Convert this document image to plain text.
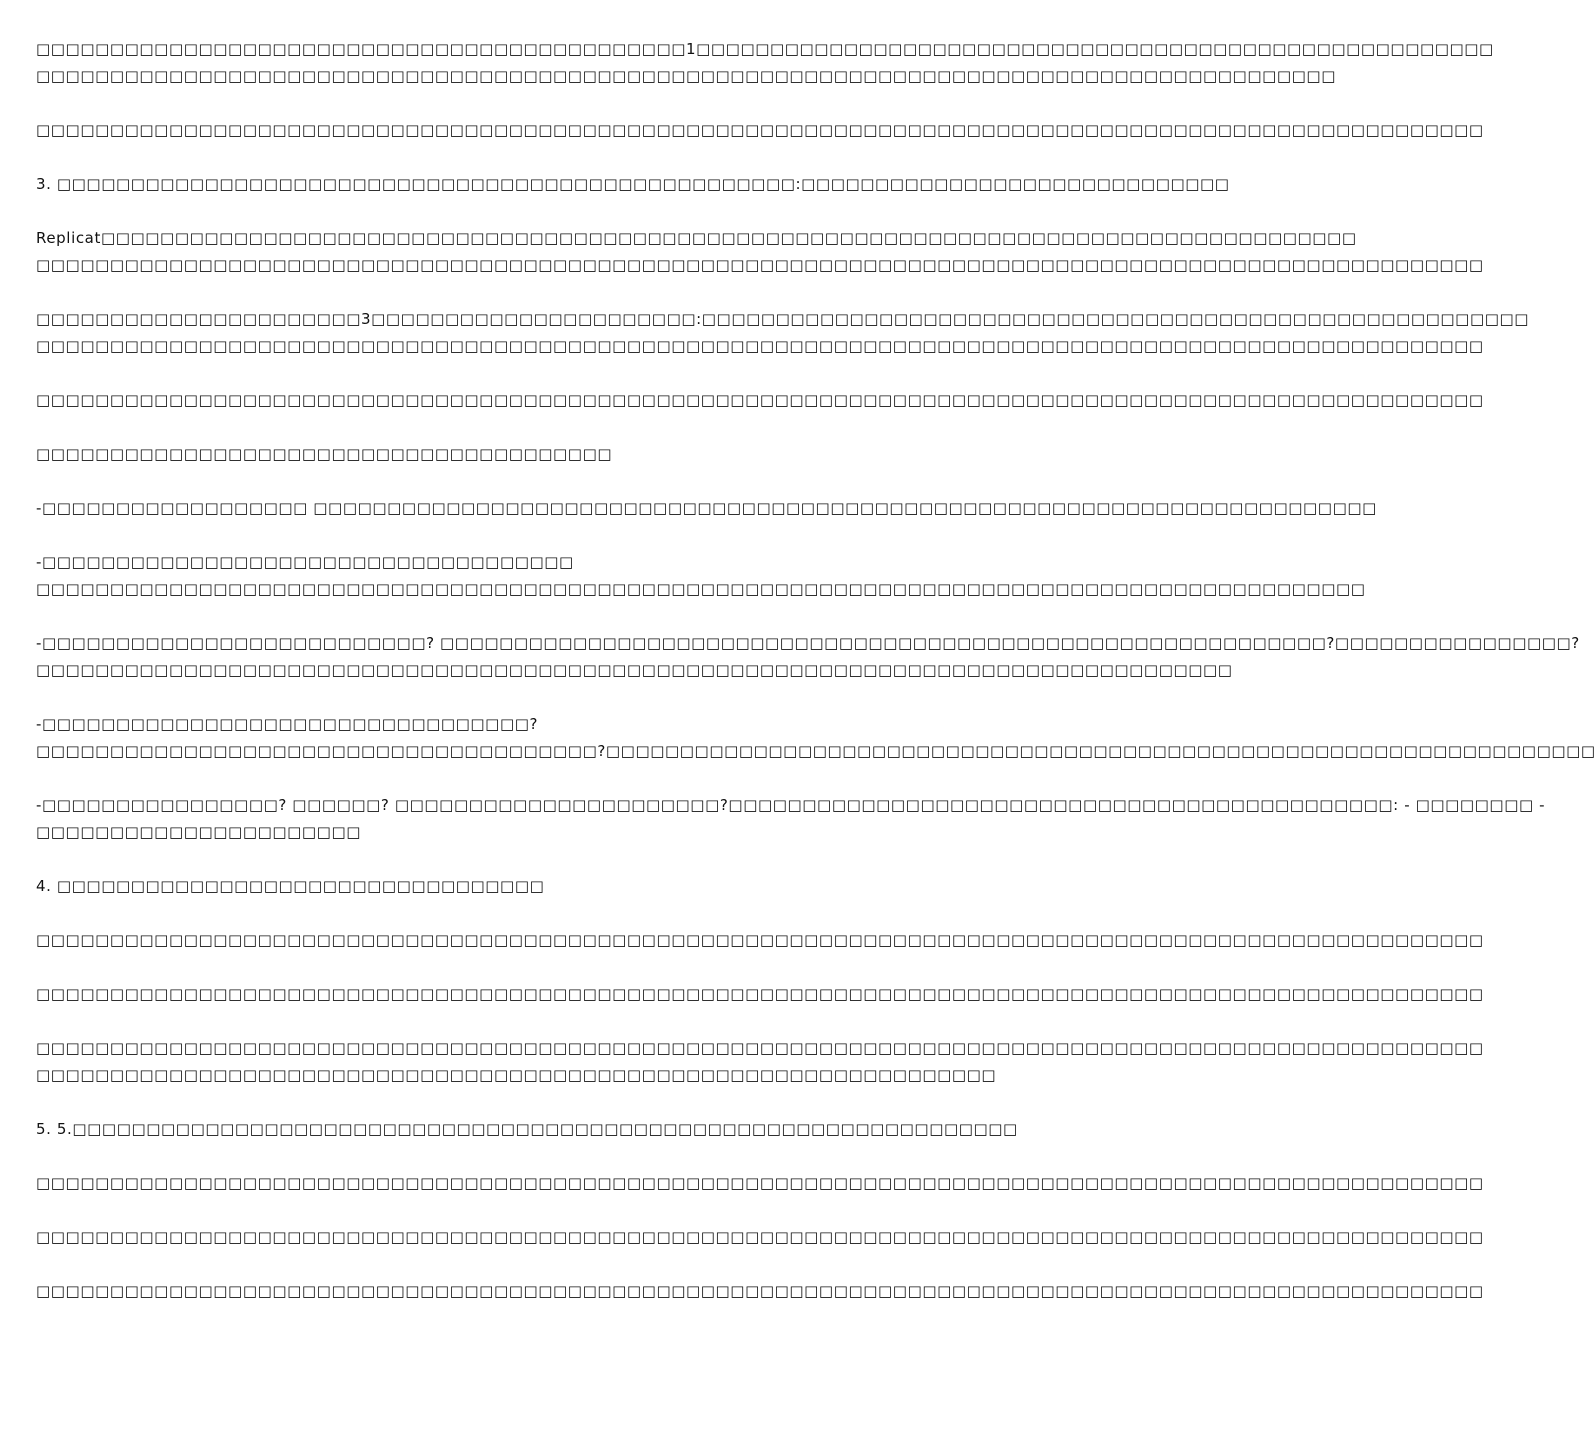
□□□□□□□□□□□□□□□□□□□□□□□□□□□□□□□□□□□□□□□□□□□□1□□□□□□□□□□□□□□□□□□□□□□□□□□□□□□□□□□□□□□□□□□□□□□□□□□□□□□
□□□□□□□□□□□□□□□□□□□□□□□□□□□□□□□□□□□□□□□□□□□□□□□□□□□□□□□□□□□□□□□□□□□□□□□□□□□□□□□□□□□□□□□□

□□□□□□□□□□□□□□□□□□□□□□□□□□□□□□□□□□□□□□□□□□□□□□□□□□□□□□□□□□□□□□□□□□□□□□□□□□□□□□□□□□□□□□□□□□□□□□□□□□

3. □□□□□□□□□□□□□□□□□□□□□□□□□□□□□□□□□□□□□□□□□□□□□□□□□□:□□□□□□□□□□□□□□□□□□□□□□□□□□□□□

Replicat□□□□□□□□□□□□□□□□□□□□□□□□□□□□□□□□□□□□□□□□□□□□□□□□□□□□□□□□□□□□□□□□□□□□□□□□□□□□□□□□□□□□□
□□□□□□□□□□□□□□□□□□□□□□□□□□□□□□□□□□□□□□□□□□□□□□□□□□□□□□□□□□□□□□□□□□□□□□□□□□□□□□□□□□□□□□□□□□□□□□□□□□

□□□□□□□□□□□□□□□□□□□□□□3□□□□□□□□□□□□□□□□□□□□□□:□□□□□□□□□□□□□□□□□□□□□□□□□□□□□□□□□□□□□□□□□□□□□□□□□□□□□□□□
□□□□□□□□□□□□□□□□□□□□□□□□□□□□□□□□□□□□□□□□□□□□□□□□□□□□□□□□□□□□□□□□□□□□□□□□□□□□□□□□□□□□□□□□□□□□□□□□□□

□□□□□□□□□□□□□□□□□□□□□□□□□□□□□□□□□□□□□□□□□□□□□□□□□□□□□□□□□□□□□□□□□□□□□□□□□□□□□□□□□□□□□□□□□□□□□□□□□□

□□□□□□□□□□□□□□□□□□□□□□□□□□□□□□□□□□□□□□□

-□□□□□□□□□□□□□□□□□□ □□□□□□□□□□□□□□□□□□□□□□□□□□□□□□□□□□□□□□□□□□□□□□□□□□□□□□□□□□□□□□□□□□□□□□□□

-□□□□□□□□□□□□□□□□□□□□□□□□□□□□□□□□□□□□
□□□□□□□□□□□□□□□□□□□□□□□□□□□□□□□□□□□□□□□□□□□□□□□□□□□□□□□□□□□□□□□□□□□□□□□□□□□□□□□□□□□□□□□□□□

-□□□□□□□□□□□□□□□□□□□□□□□□□□? □□□□□□□□□□□□□□□□□□□□□□□□□□□□□□□□□□□□□□□□□□□□□□□□□□□□□□□□□□□□?□□□□□□□□□□□□□□□□?
□□□□□□□□□□□□□□□□□□□□□□□□□□□□□□□□□□□□□□□□□□□□□□□□□□□□□□□□□□□□□□□□□□□□□□□□□□□□□□□□□

-□□□□□□□□□□□□□□□□□□□□□□□□□□□□□□□□□?
□□□□□□□□□□□□□□□□□□□□□□□□□□□□□□□□□□□□□□?□□□□□□□□□□□□□□□□□□□□□□□□□□□□□□□□□□□□□□□□□□□□□□□□□□□□□□□□□□□□□□□□□□□

-□□□□□□□□□□□□□□□□? □□□□□□? □□□□□□□□□□□□□□□□□□□□□□?□□□□□□□□□□□□□□□□□□□□□□□□□□□□□□□□□□□□□□□□□□□□□: - □□□□□□□□ -
□□□□□□□□□□□□□□□□□□□□□□

4. □□□□□□□□□□□□□□□□□□□□□□□□□□□□□□□□□

□□□□□□□□□□□□□□□□□□□□□□□□□□□□□□□□□□□□□□□□□□□□□□□□□□□□□□□□□□□□□□□□□□□□□□□□□□□□□□□□□□□□□□□□□□□□□□□□□□

□□□□□□□□□□□□□□□□□□□□□□□□□□□□□□□□□□□□□□□□□□□□□□□□□□□□□□□□□□□□□□□□□□□□□□□□□□□□□□□□□□□□□□□□□□□□□□□□□□

□□□□□□□□□□□□□□□□□□□□□□□□□□□□□□□□□□□□□□□□□□□□□□□□□□□□□□□□□□□□□□□□□□□□□□□□□□□□□□□□□□□□□□□□□□□□□□□□□□
□□□□□□□□□□□□□□□□□□□□□□□□□□□□□□□□□□□□□□□□□□□□□□□□□□□□□□□□□□□□□□□□□

5. 5.□□□□□□□□□□□□□□□□□□□□□□□□□□□□□□□□□□□□□□□□□□□□□□□□□□□□□□□□□□□□□□□□

□□□□□□□□□□□□□□□□□□□□□□□□□□□□□□□□□□□□□□□□□□□□□□□□□□□□□□□□□□□□□□□□□□□□□□□□□□□□□□□□□□□□□□□□□□□□□□□□□□

□□□□□□□□□□□□□□□□□□□□□□□□□□□□□□□□□□□□□□□□□□□□□□□□□□□□□□□□□□□□□□□□□□□□□□□□□□□□□□□□□□□□□□□□□□□□□□□□□□

□□□□□□□□□□□□□□□□□□□□□□□□□□□□□□□□□□□□□□□□□□□□□□□□□□□□□□□□□□□□□□□□□□□□□□□□□□□□□□□□□□□□□□□□□□□□□□□□□□
